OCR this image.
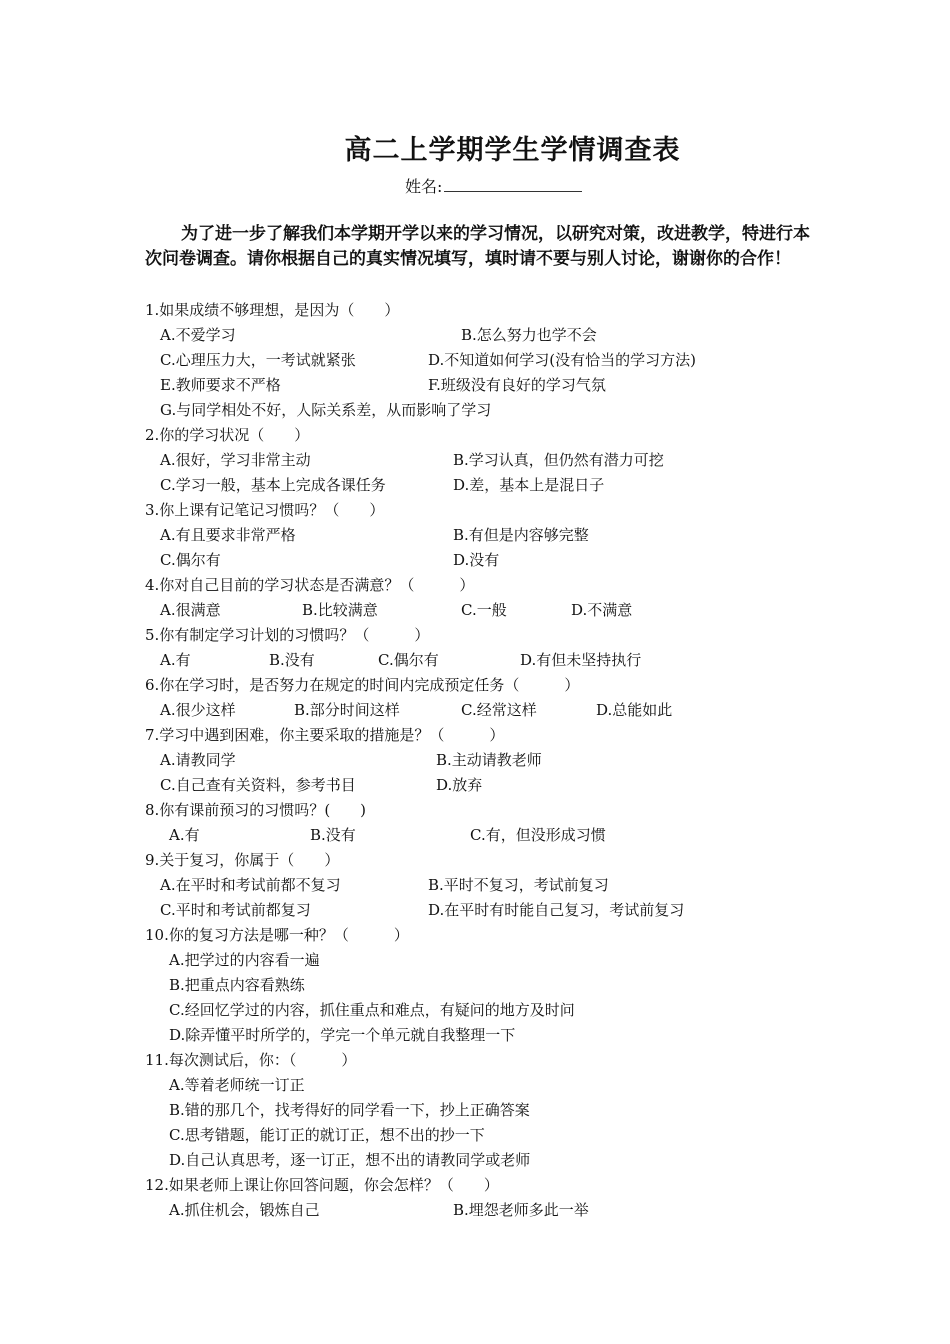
高二上学期学生学情调查表
姓名:
为了进一步了解我们本学期开学以来的学习情况，以研究对策，改进教学，特进行本次问卷调查。请你根据自己的真实情况填写，填时请不要与别人讨论，谢谢你的合作！
1.如果成绩不够理想，是因为（　　）
A.不爱学习	B.怎么努力也学不会
C.心理压力大，一考试就紧张	D.不知道如何学习(没有恰当的学习方法)
E.教师要求不严格	F.班级没有良好的学习气氛
G.与同学相处不好，人际关系差，从而影响了学习
2.你的学习状况（　　）
A.很好，学习非常主动	B.学习认真，但仍然有潜力可挖
C.学习一般，基本上完成各课任务	D.差，基本上是混日子
3.你上课有记笔记习惯吗？（　　）
A.有且要求非常严格	B.有但是内容够完整
C.偶尔有	D.没有
4.你对自己目前的学习状态是否满意？（　　　）
A.很满意	B.比较满意	C.一般	D.不满意
5.你有制定学习计划的习惯吗？（　　　）
A.有	B.没有	C.偶尔有	D.有但未坚持执行
6.你在学习时，是否努力在规定的时间内完成预定任务（　　　）
A.很少这样	B.部分时间这样	C.经常这样	D.总能如此
7.学习中遇到困难，你主要采取的措施是？（　　　）
A.请教同学	B.主动请教老师
C.自己查有关资料，参考书目	D.放弃
8.你有课前预习的习惯吗？(　　)
A.有	B.没有	C.有，但没形成习惯
9.关于复习，你属于（　　）
A.在平时和考试前都不复习	B.平时不复习，考试前复习
C.平时和考试前都复习	D.在平时有时能自己复习，考试前复习
10.你的复习方法是哪一种？（　　　）
A.把学过的内容看一遍
B.把重点内容看熟练
C.经回忆学过的内容，抓住重点和难点，有疑问的地方及时问
D.除弄懂平时所学的，学完一个单元就自我整理一下
11.每次测试后，你：（　　　）
A.等着老师统一订正
B.错的那几个，找考得好的同学看一下，抄上正确答案
C.思考错题，能订正的就订正，想不出的抄一下
D.自己认真思考，逐一订正，想不出的请教同学或老师
12.如果老师上课让你回答问题，你会怎样？（　　）
A.抓住机会，锻炼自己	B.埋怨老师多此一举
